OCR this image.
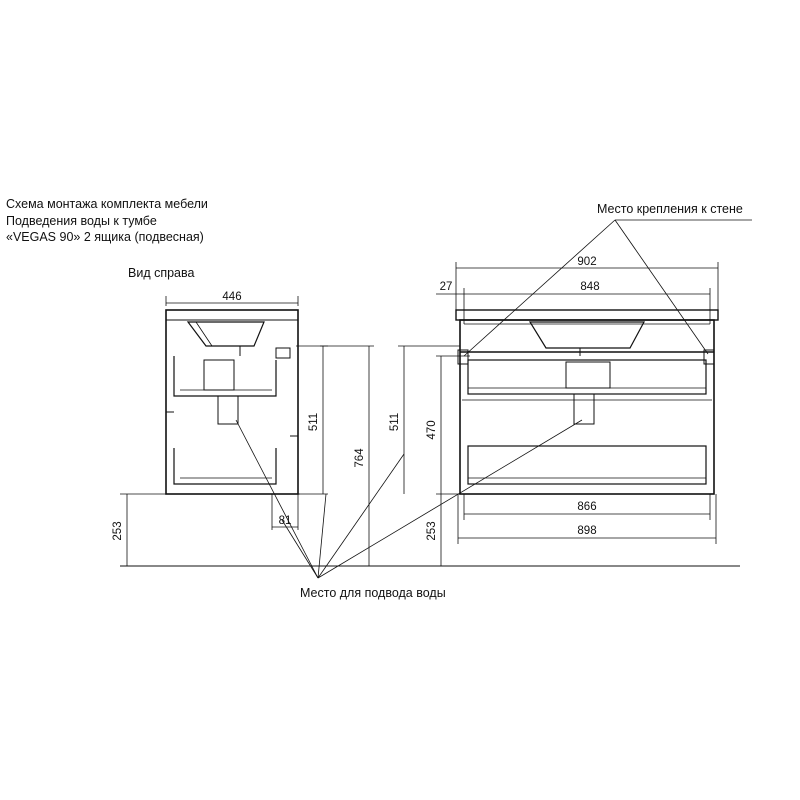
Схема монтажа комплекта мебели
Подведения воды к тумбе
«VEGAS 90» 2 ящика (подвесная)
Вид справа
Место крепления к стене
Место для подвода воды
446
511
764
81
253
902
848
27
511 470
866
898
253
